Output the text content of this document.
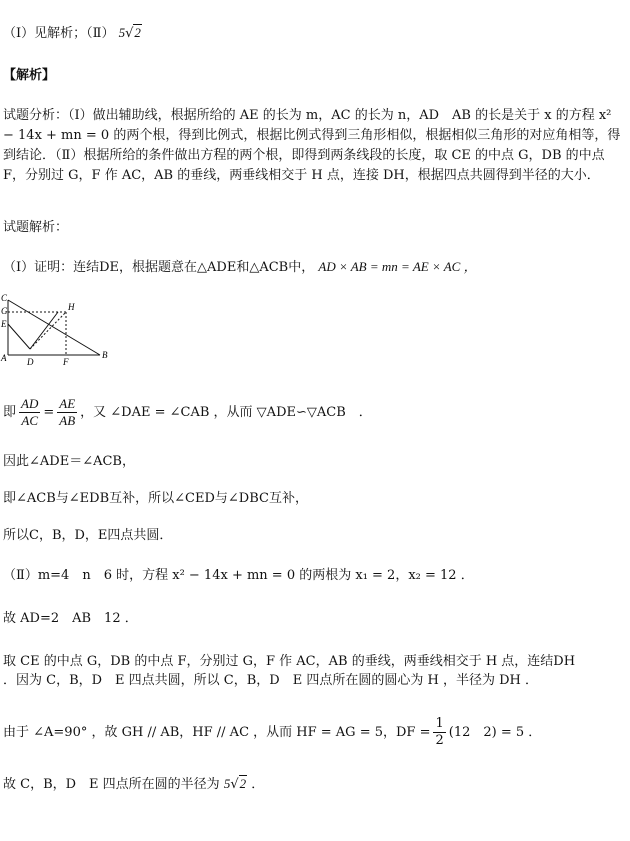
（Ⅰ）见解析；（Ⅱ） 5√2
【解析】
试题分析：（Ⅰ）做出辅助线，根据所给的 AE 的长为 m，AC 的长为 n，AD　AB 的长是关于 x 的方程 x² − 14x + mn = 0 的两个根，得到比例式，根据比例式得到三角形相似，根据相似三角形的对应角相等，得到结论．（Ⅱ）根据所给的条件做出方程的两个根，即得到两条线段的长度，取 CE 的中点 G，DB 的中点 F，分别过 G，F 作 AC，AB 的垂线，两垂线相交于 H 点，连接 DH，根据四点共圆得到半径的大小．
试题解析：
（Ⅰ）证明：连结DE，根据题意在△ADE和△ACB中， AD × AB = mn = AE × AC ，
C
G
E
A D	F
B
H
即 $\frac{AD}{AC} = \frac{AE}{AB}$ ，又 ∠DAE = ∠CAB ，从而 ▽ADE∽▽ACB　．
因此∠ADE＝∠ACB，
即∠ACB与∠EDB互补，所以∠CED与∠DBC互补，
所以C，B，D，E四点共圆．
（Ⅱ）m=4　n　6 时，方程 x² − 14x + mn = 0 的两根为 x₁ = 2，x₂ = 12 ．
故 AD=2　AB　12 ．
取 CE 的中点 G，DB 的中点 F，分别过 G，F 作 AC，AB 的垂线，两垂线相交于 H 点，连结DH
．因为 C，B，D　E 四点共圆，所以 C，B，D　E 四点所在圆的圆心为 H ，半径为 DH ．
由于 ∠A=90° ，故 GH // AB，HF // AC ，从而 HF = AG = 5，DF = $\frac{1}{2} (12$　2) = 5 ．
故 C，B，D　E 四点所在圆的半径为 5√2 ．
